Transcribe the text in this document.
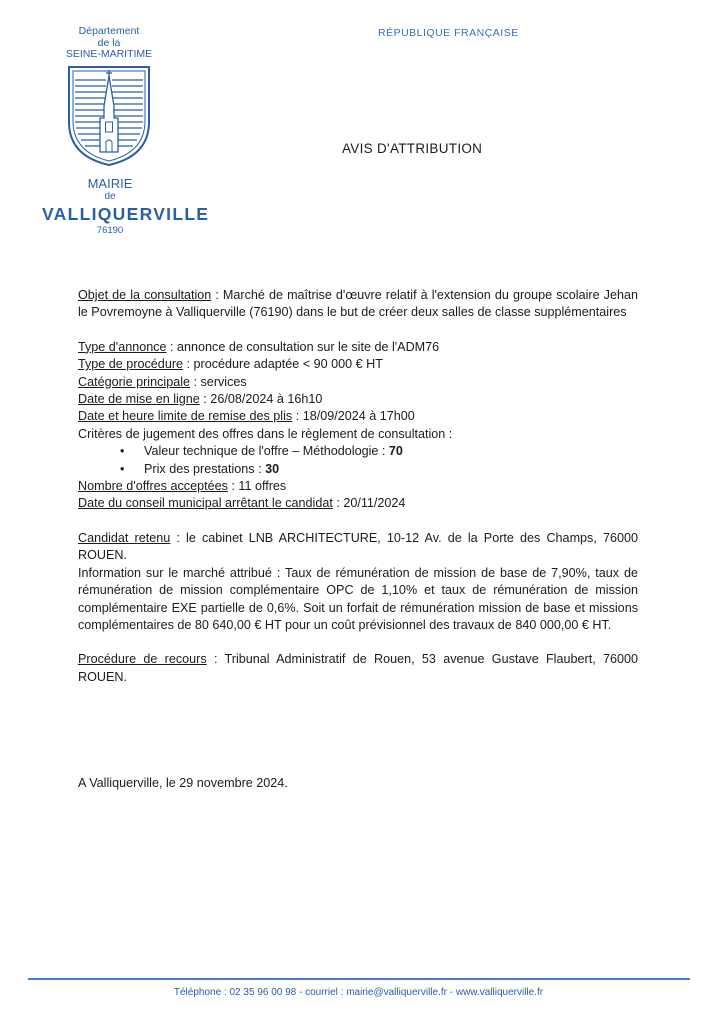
Département
de la
SEINE-MARITIME
MAIRIE
de
VALLIQUERVILLE
76190
RÉPUBLIQUE FRANÇAISE
AVIS D'ATTRIBUTION

Objet de la consultation : Marché de maîtrise d'œuvre relatif à l'extension du groupe scolaire Jehan le Povremoyne à Valliquerville (76190) dans le but de créer deux salles de classe supplémentaires

Type d'annonce : annonce de consultation sur le site de l'ADM76

Type de procédure : procédure adaptée < 90 000 € HT

Catégorie principale : services

Date de mise en ligne : 26/08/2024 à 16h10

Date et heure limite de remise des plis : 18/09/2024 à 17h00

Critères de jugement des offres dans le règlement de consultation :

• Valeur technique de l'offre – Méthodologie : 70
• Prix des prestations : 30

Nombre d'offres acceptées : 11 offres

Date du conseil municipal arrêtant le candidat : 20/11/2024

Candidat retenu : le cabinet LNB ARCHITECTURE, 10-12 Av. de la Porte des Champs, 76000 ROUEN.

Information sur le marché attribué : Taux de rémunération de mission de base de 7,90%, taux de rémunération de mission complémentaire OPC de 1,10% et taux de rémunération de mission complémentaire EXE partielle de 0,6%. Soit un forfait de rémunération mission de base et missions complémentaires de 80 640,00 € HT pour un coût prévisionnel des travaux de 840 000,00 € HT.

Procédure de recours : Tribunal Administratif de Rouen, 53 avenue Gustave Flaubert, 76000 ROUEN.

A Valliquerville, le 29 novembre 2024.
Téléphone : 02 35 96 00 98 - courriel : mairie@valliquerville.fr - www.valliquerville.fr
